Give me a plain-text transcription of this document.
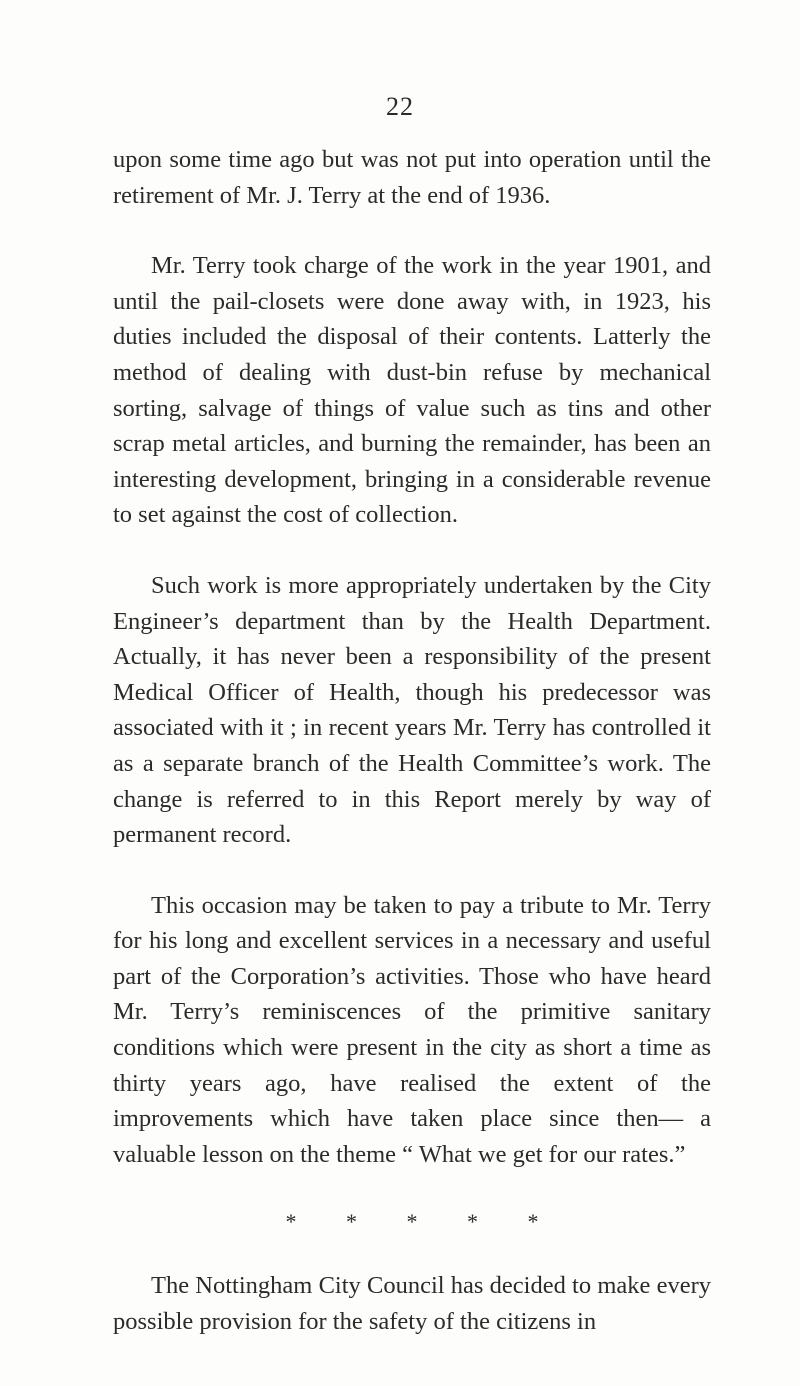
22

upon some time ago but was not put into operation until the retirement of Mr. J. Terry at the end of 1936.

Mr. Terry took charge of the work in the year 1901, and until the pail-closets were done away with, in 1923, his duties included the disposal of their contents. Latterly the method of dealing with dust-bin refuse by mechanical sorting, salvage of things of value such as tins and other scrap metal articles, and burning the remainder, has been an interesting development, bringing in a considerable revenue to set against the cost of collection.

Such work is more appropriately undertaken by the City Engineer’s department than by the Health Department. Actually, it has never been a responsibility of the present Medical Officer of Health, though his predecessor was associated with it ; in recent years Mr. Terry has controlled it as a separate branch of the Health Committee’s work. The change is referred to in this Report merely by way of permanent record.

This occasion may be taken to pay a tribute to Mr. Terry for his long and excellent services in a necessary and useful part of the Corporation’s activities. Those who have heard Mr. Terry’s reminiscences of the primitive sanitary conditions which were present in the city as short a time as thirty years ago, have realised the extent of the improvements which have taken place since then— a valuable lesson on the theme “ What we get for our rates.”

* * * * *

The Nottingham City Council has decided to make every possible provision for the safety of the citizens in
